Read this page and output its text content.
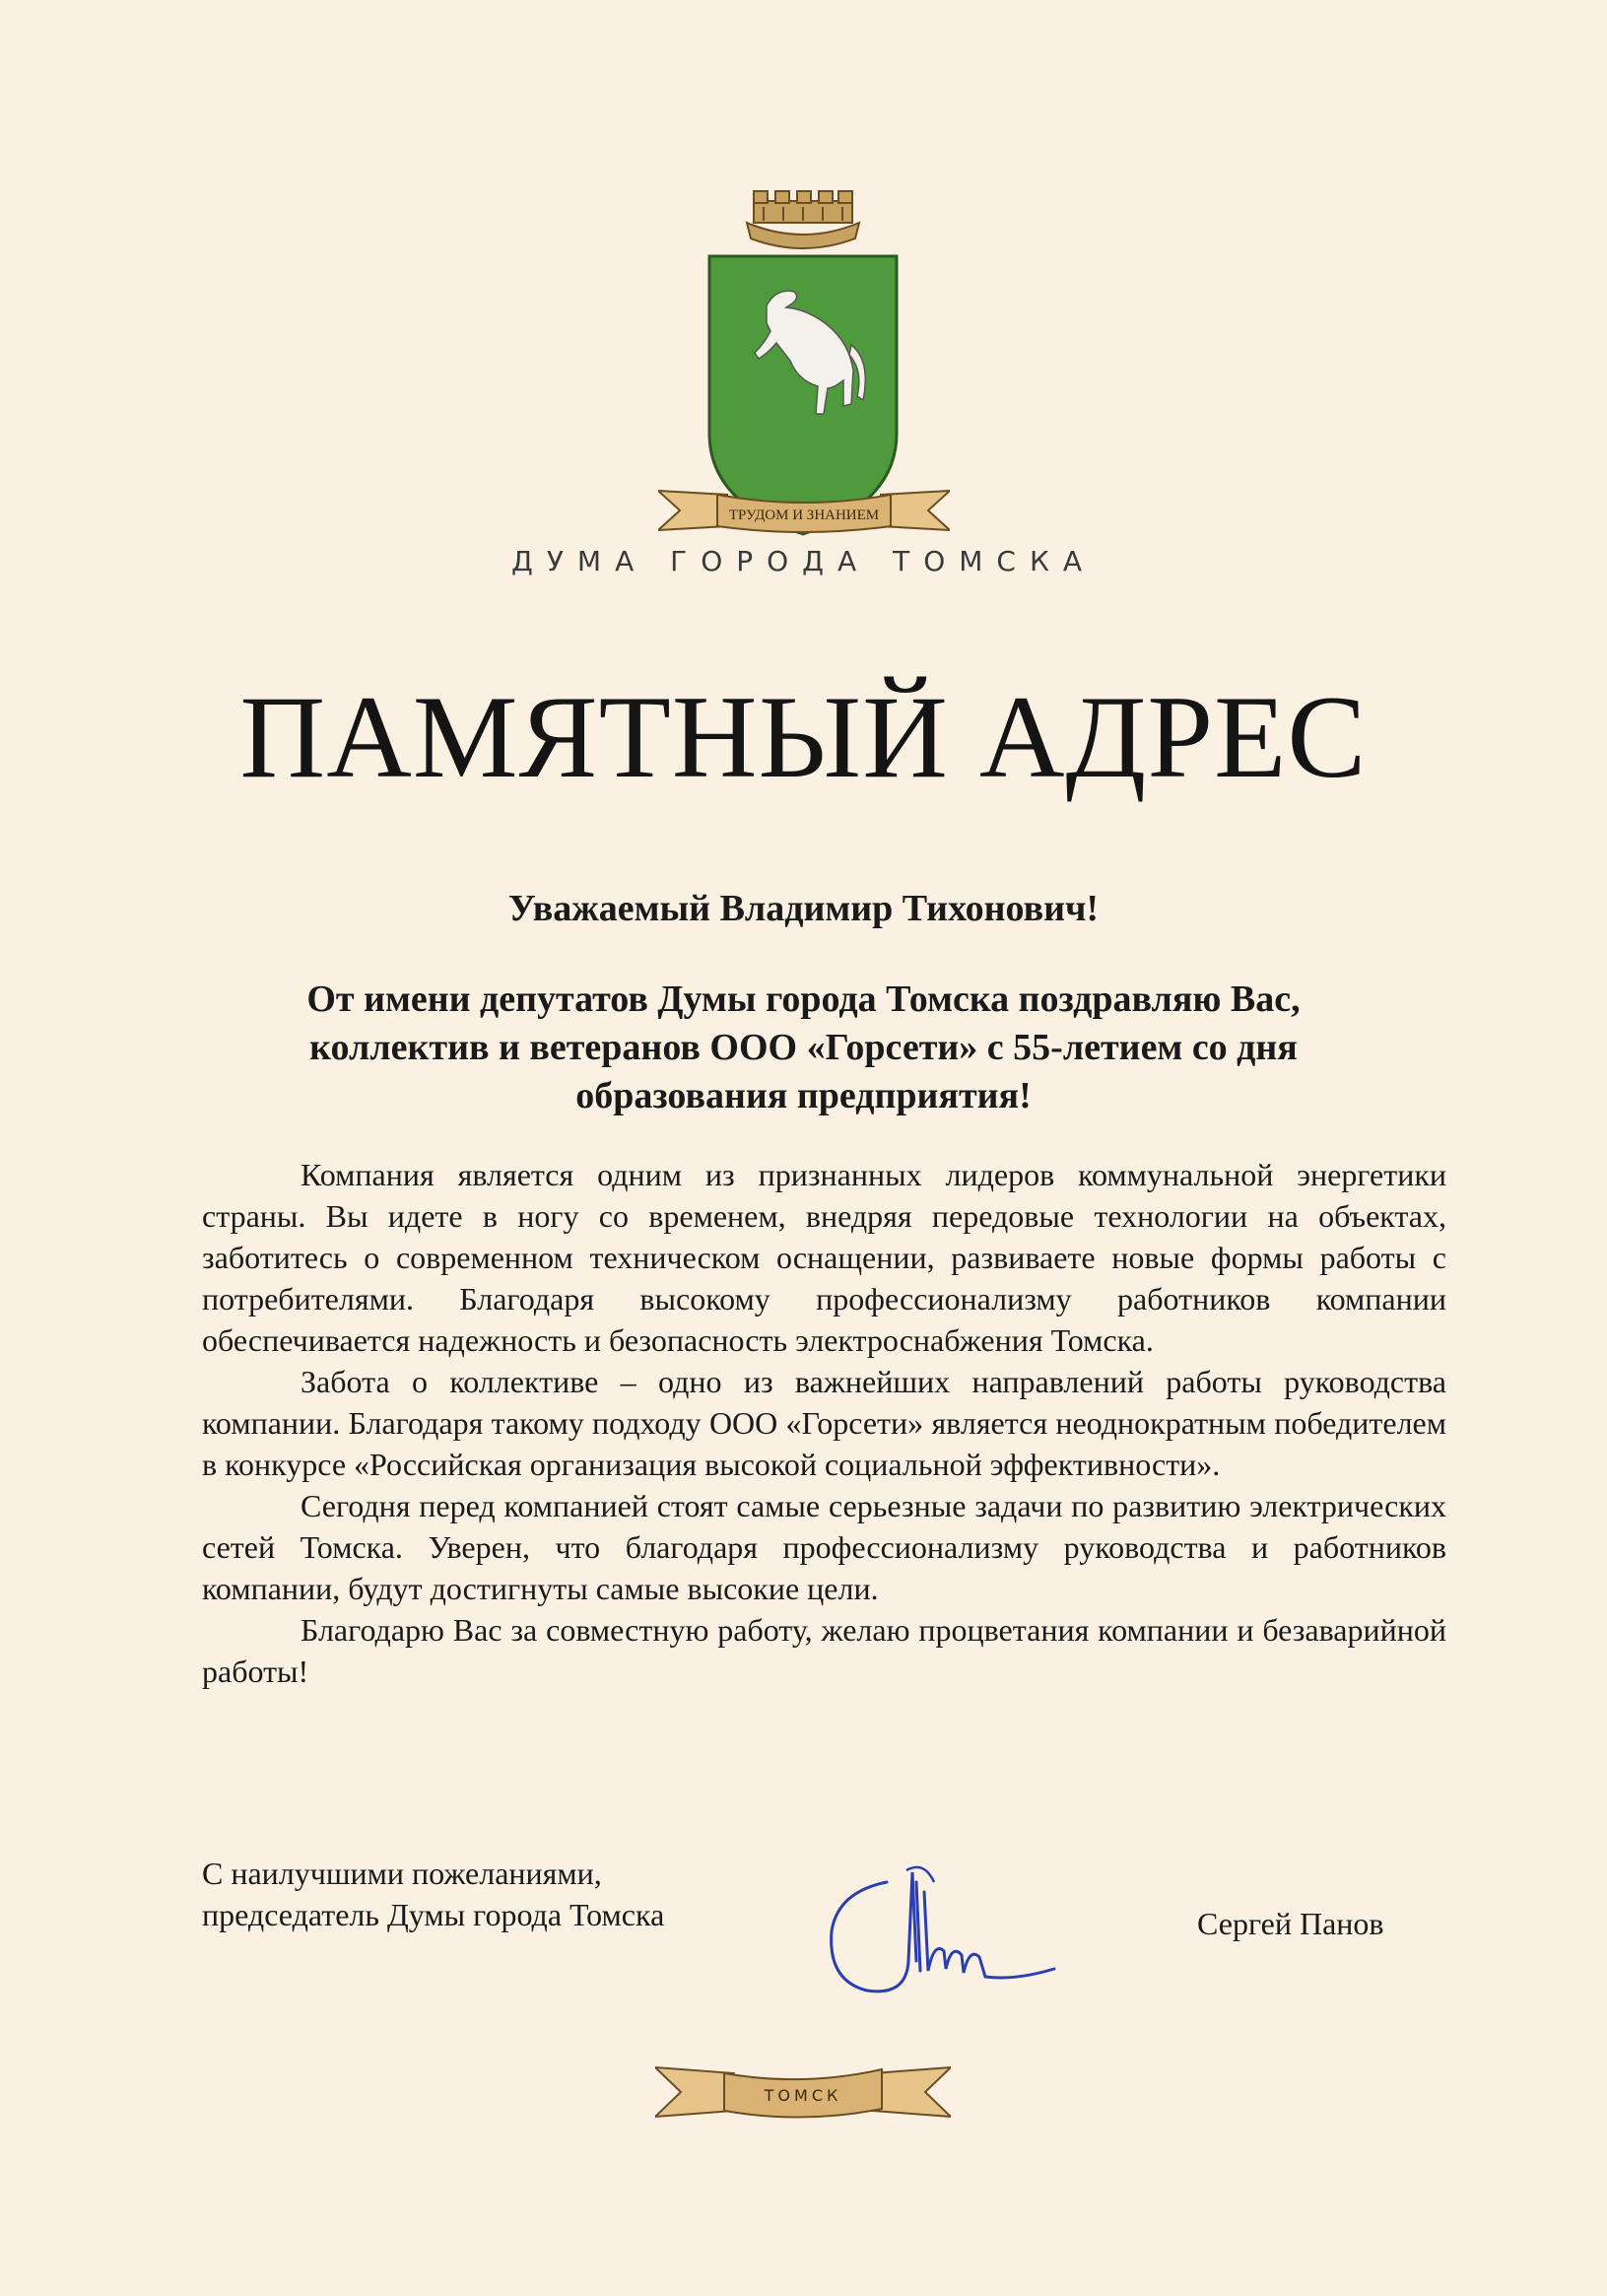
ТРУДОМ И ЗНАНИЕМ
ДУМА ГОРОДА ТОМСКА
ПАМЯТНЫЙ АДРЕС
Уважаемый Владимир Тихонович!
От имени депутатов Думы города Томска поздравляю Вас,
коллектив и ветеранов ООО «Горсети» с 55-летием со дня
образования предприятия!

Компания является одним из признанных лидеров коммунальной энергетики страны. Вы идете в ногу со временем, внедряя передовые технологии на объектах, заботитесь о современном техническом оснащении, развиваете новые формы работы с потребителями. Благодаря высокому профессионализму работников компании обеспечивается надежность и безопасность электроснабжения Томска.

Забота о коллективе – одно из важнейших направлений работы руководства компании. Благодаря такому подходу ООО «Горсети» является неоднократным победителем в конкурсе «Российская организация высокой социальной эффективности».

Сегодня перед компанией стоят самые серьезные задачи по развитию электрических сетей Томска. Уверен, что благодаря профессионализму руководства и работников компании, будут достигнуты самые высокие цели.

Благодарю Вас за совместную работу, желаю процветания компании и безаварийной работы!

С наилучшими пожеланиями,
председатель Думы города Томска	Сергей Панов
ТОМСК
